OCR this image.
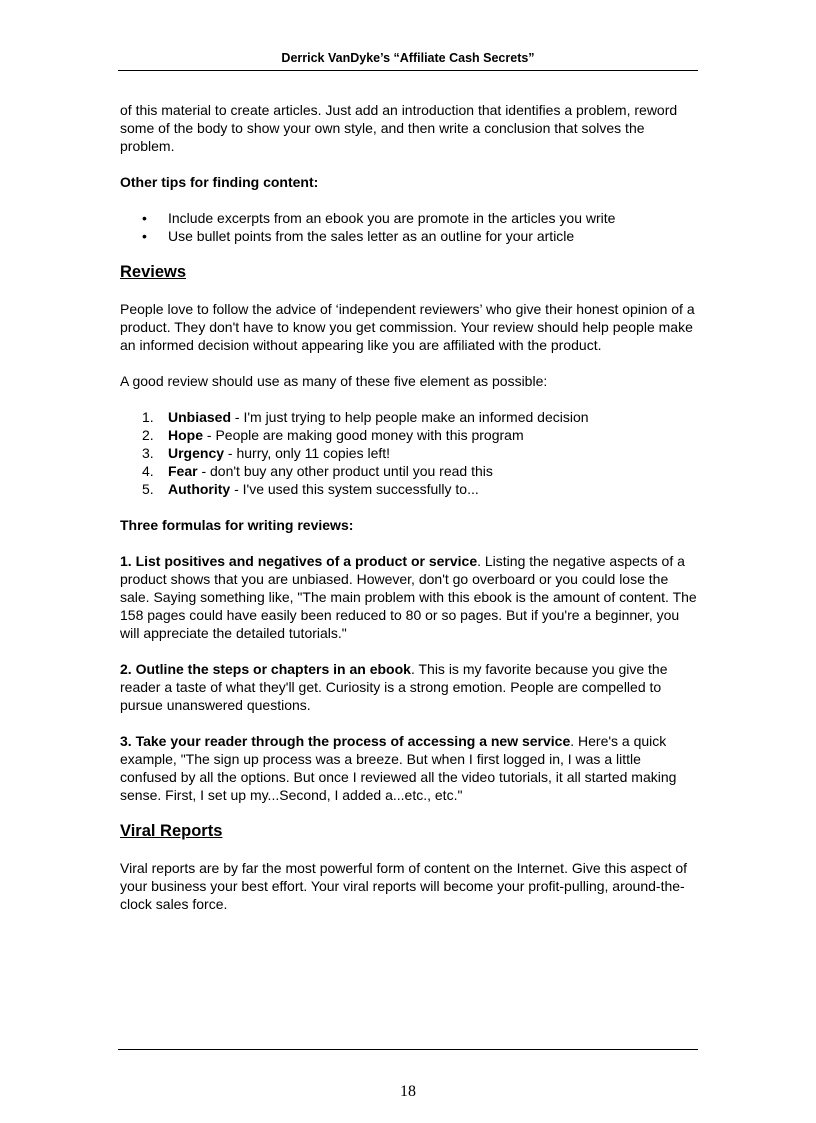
Derrick VanDyke’s “Affiliate Cash Secrets”

of this material to create articles. Just add an introduction that identifies a problem, reword some of the body to show your own style, and then write a conclusion that solves the problem.

Other tips for finding content:

• Include excerpts from an ebook you are promote in the articles you write
• Use bullet points from the sales letter as an outline for your article

Reviews

People love to follow the advice of ‘independent reviewers’ who give their honest opinion of a product. They don't have to know you get commission. Your review should help people make an informed decision without appearing like you are affiliated with the product.

A good review should use as many of these five element as possible:

1. Unbiased - I'm just trying to help people make an informed decision
2. Hope - People are making good money with this program
3. Urgency - hurry, only 11 copies left!
4. Fear - don't buy any other product until you read this
5. Authority - I've used this system successfully to...

Three formulas for writing reviews:

1. List positives and negatives of a product or service. Listing the negative aspects of a product shows that you are unbiased. However, don't go overboard or you could lose the sale. Saying something like, "The main problem with this ebook is the amount of content. The 158 pages could have easily been reduced to 80 or so pages. But if you're a beginner, you will appreciate the detailed tutorials."

2. Outline the steps or chapters in an ebook. This is my favorite because you give the reader a taste of what they'll get. Curiosity is a strong emotion. People are compelled to pursue unanswered questions.

3. Take your reader through the process of accessing a new service. Here's a quick example, "The sign up process was a breeze. But when I first logged in, I was a little confused by all the options. But once I reviewed all the video tutorials, it all started making sense. First, I set up my...Second, I added a...etc., etc."

Viral Reports

Viral reports are by far the most powerful form of content on the Internet. Give this aspect of your business your best effort. Your viral reports will become your profit-pulling, around-the-clock sales force.

18
